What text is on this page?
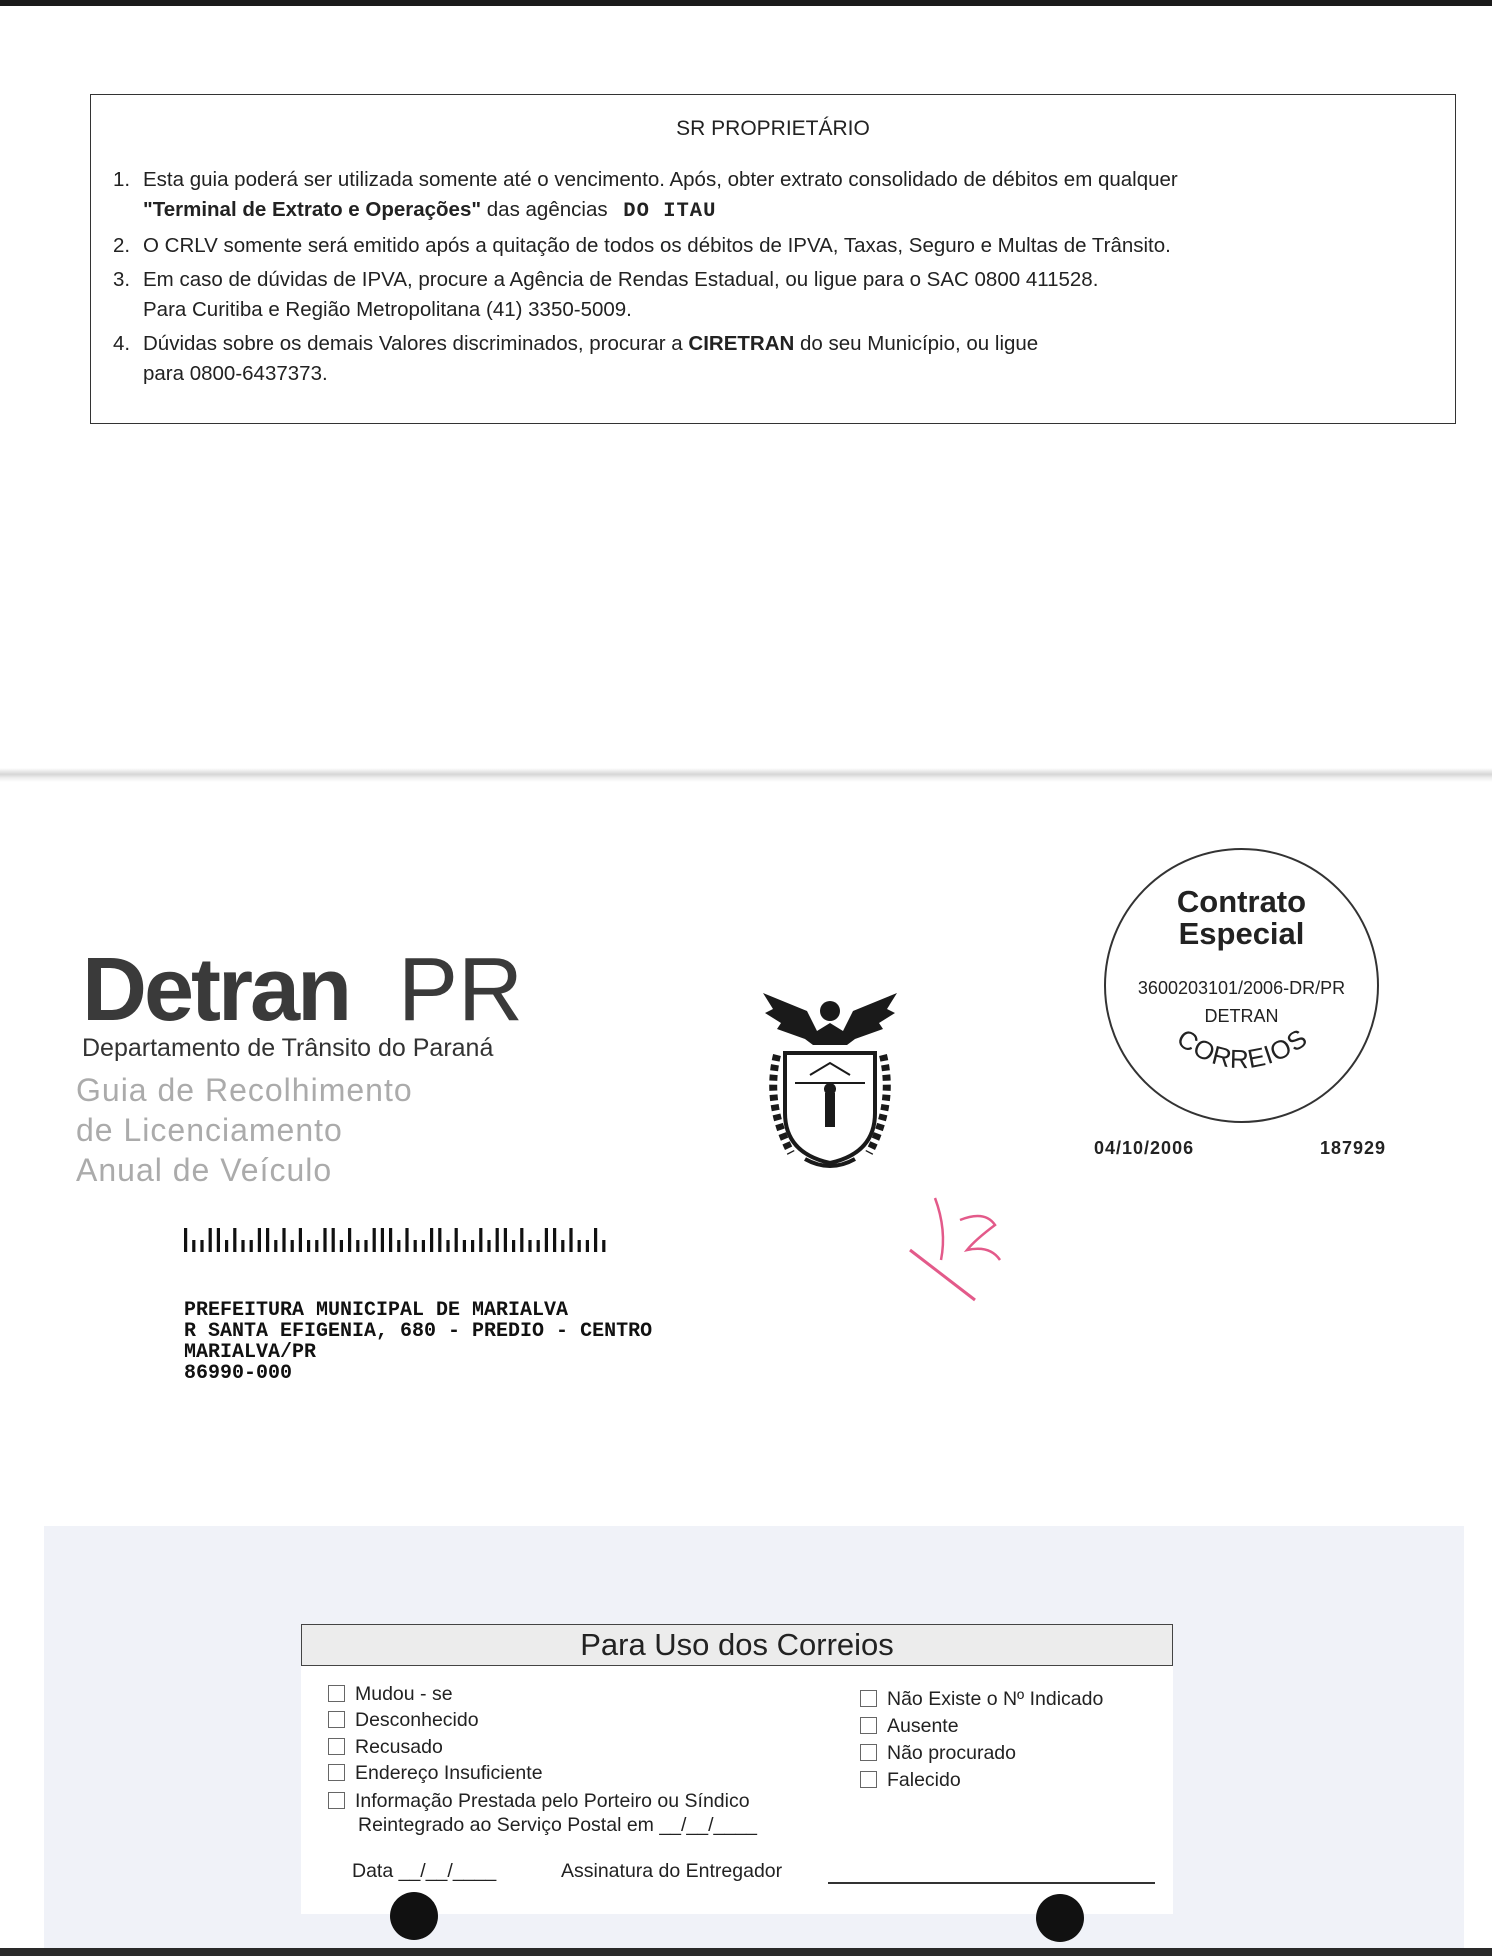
SR PROPRIETÁRIO
1. Esta guia poderá ser utilizada somente até o vencimento. Após, obter extrato consolidado de débitos em qualquer
"Terminal de Extrato e Operações" das agências DO ITAU
2. O CRLV somente será emitido após a quitação de todos os débitos de IPVA, Taxas, Seguro e Multas de Trânsito.
3. Em caso de dúvidas de IPVA, procure a Agência de Rendas Estadual, ou ligue para o SAC 0800 411528.
Para Curitiba e Região Metropolitana (41) 3350-5009.
4. Dúvidas sobre os demais Valores discriminados, procurar a CIRETRAN do seu Município, ou ligue
para 0800-6437373.
Detran PR
Departamento de Trânsito do Paraná
Guia de Recolhimento
de Licenciamento
Anual de Veículo
Contrato
Especial
3600203101/2006-DR/PR
DETRAN
CORREIOS
04/10/2006	187929
PREFEITURA MUNICIPAL DE MARIALVA
R SANTA EFIGENIA, 680 - PREDIO - CENTRO
MARIALVA/PR
86990-000
Para Uso dos Correios
Mudou - se
Desconhecido
Recusado
Endereço Insuficiente
Informação Prestada pelo Porteiro ou Síndico
Reintegrado ao Serviço Postal em __/__/____
Não Existe o Nº Indicado
Ausente
Não procurado
Falecido
Data __/__/____	Assinatura do Entregador
